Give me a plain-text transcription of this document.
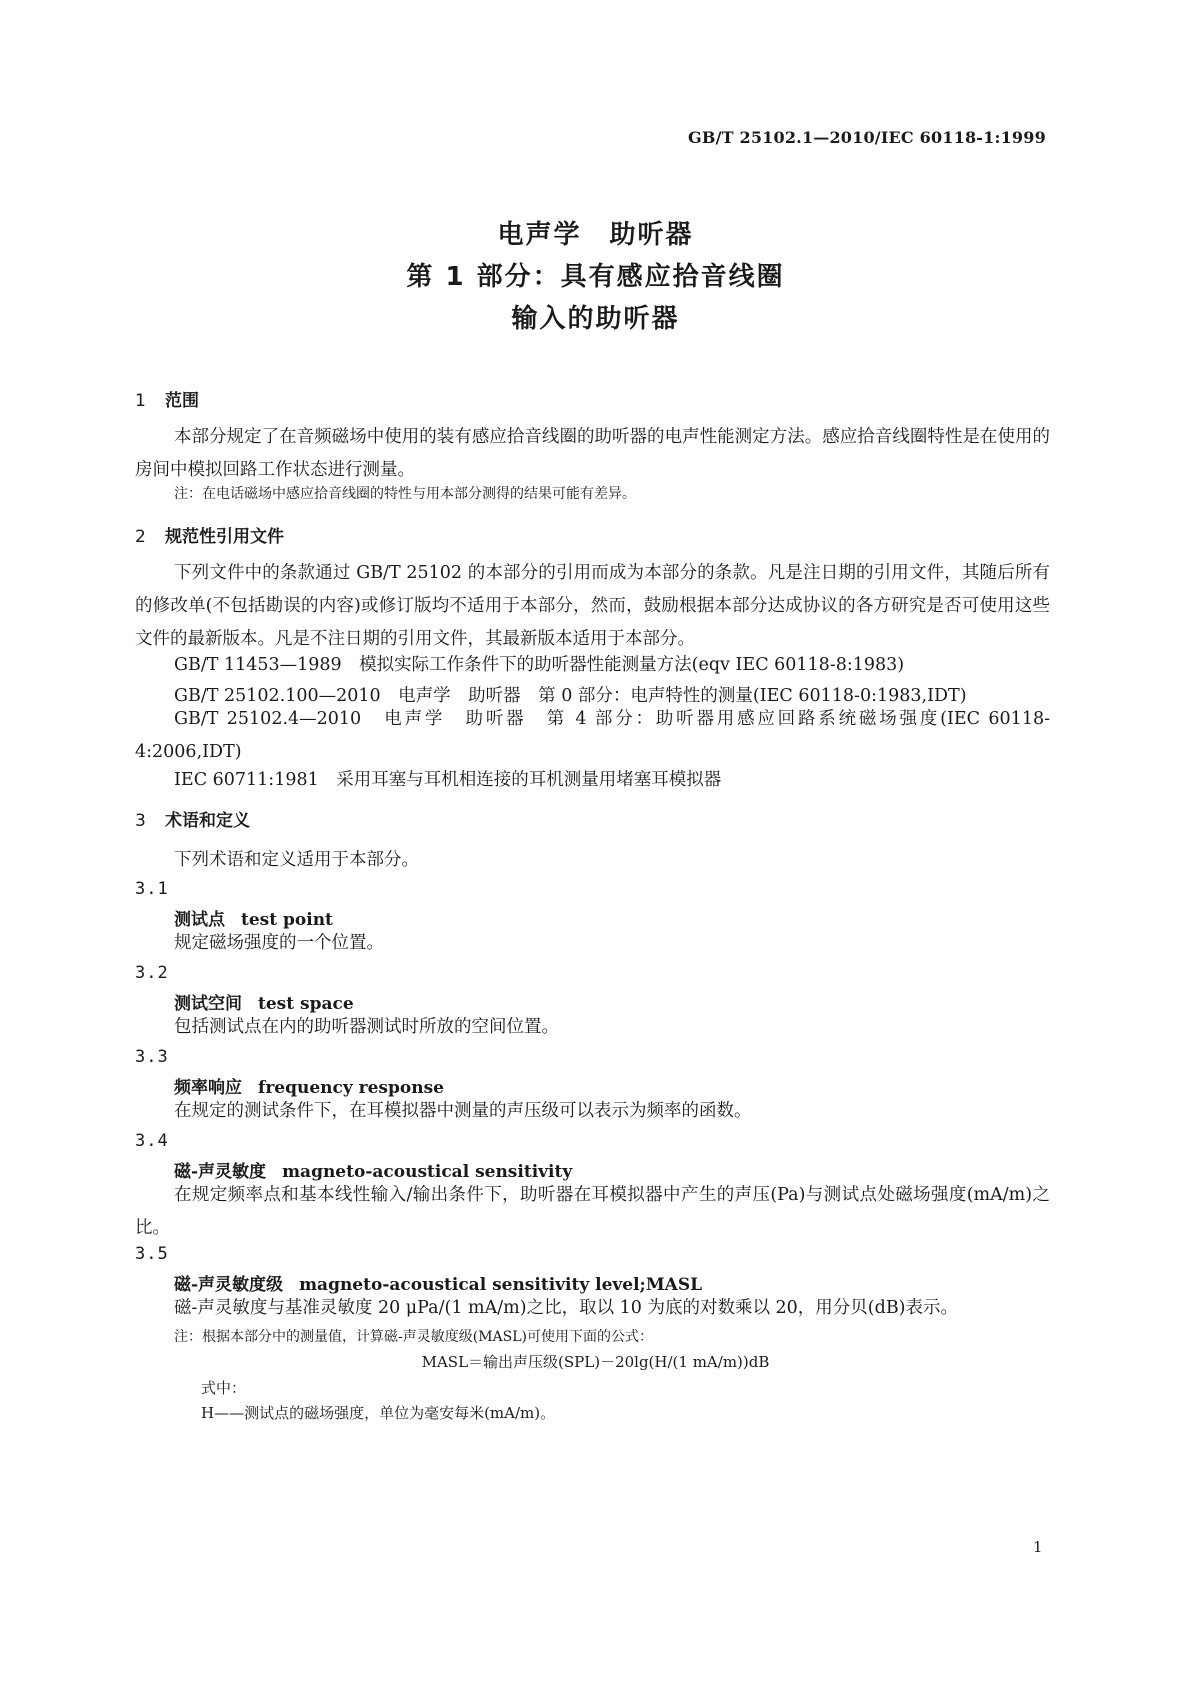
GB/T 25102.1—2010/IEC 60118-1:1999
电声学　助听器
第 1 部分：具有感应拾音线圈
输入的助听器
1 范围
本部分规定了在音频磁场中使用的装有感应拾音线圈的助听器的电声性能测定方法。感应拾音线圈特性是在使用的房间中模拟回路工作状态进行测量。
注：在电话磁场中感应拾音线圈的特性与用本部分测得的结果可能有差异。
2 规范性引用文件
下列文件中的条款通过 GB/T 25102 的本部分的引用而成为本部分的条款。凡是注日期的引用文件，其随后所有的修改单(不包括勘误的内容)或修订版均不适用于本部分，然而，鼓励根据本部分达成协议的各方研究是否可使用这些文件的最新版本。凡是不注日期的引用文件，其最新版本适用于本部分。
GB/T 11453—1989　模拟实际工作条件下的助听器性能测量方法(eqv IEC 60118-8:1983)
GB/T 25102.100—2010　电声学　助听器　第 0 部分：电声特性的测量(IEC 60118-0:1983,IDT)
GB/T 25102.4—2010　电声学　助听器　第 4 部分：助听器用感应回路系统磁场强度(IEC 60118-4:2006,IDT)
IEC 60711:1981　采用耳塞与耳机相连接的耳机测量用堵塞耳模拟器
3 术语和定义
下列术语和定义适用于本部分。
3.1
测试点 test point
规定磁场强度的一个位置。
3.2
测试空间 test space
包括测试点在内的助听器测试时所放的空间位置。
3.3
频率响应 frequency response
在规定的测试条件下，在耳模拟器中测量的声压级可以表示为频率的函数。
3.4
磁-声灵敏度 magneto-acoustical sensitivity
在规定频率点和基本线性输入/输出条件下，助听器在耳模拟器中产生的声压(Pa)与测试点处磁场强度(mA/m)之比。
3.5
磁-声灵敏度级 magneto-acoustical sensitivity level;MASL
磁-声灵敏度与基准灵敏度 20 μPa/(1 mA/m)之比，取以 10 为底的对数乘以 20，用分贝(dB)表示。
注：根据本部分中的测量值，计算磁-声灵敏度级(MASL)可使用下面的公式：
MASL＝输出声压级(SPL)－20lg(H/(1 mA/m))dB
式中：
H——测试点的磁场强度，单位为毫安每米(mA/m)。
1
